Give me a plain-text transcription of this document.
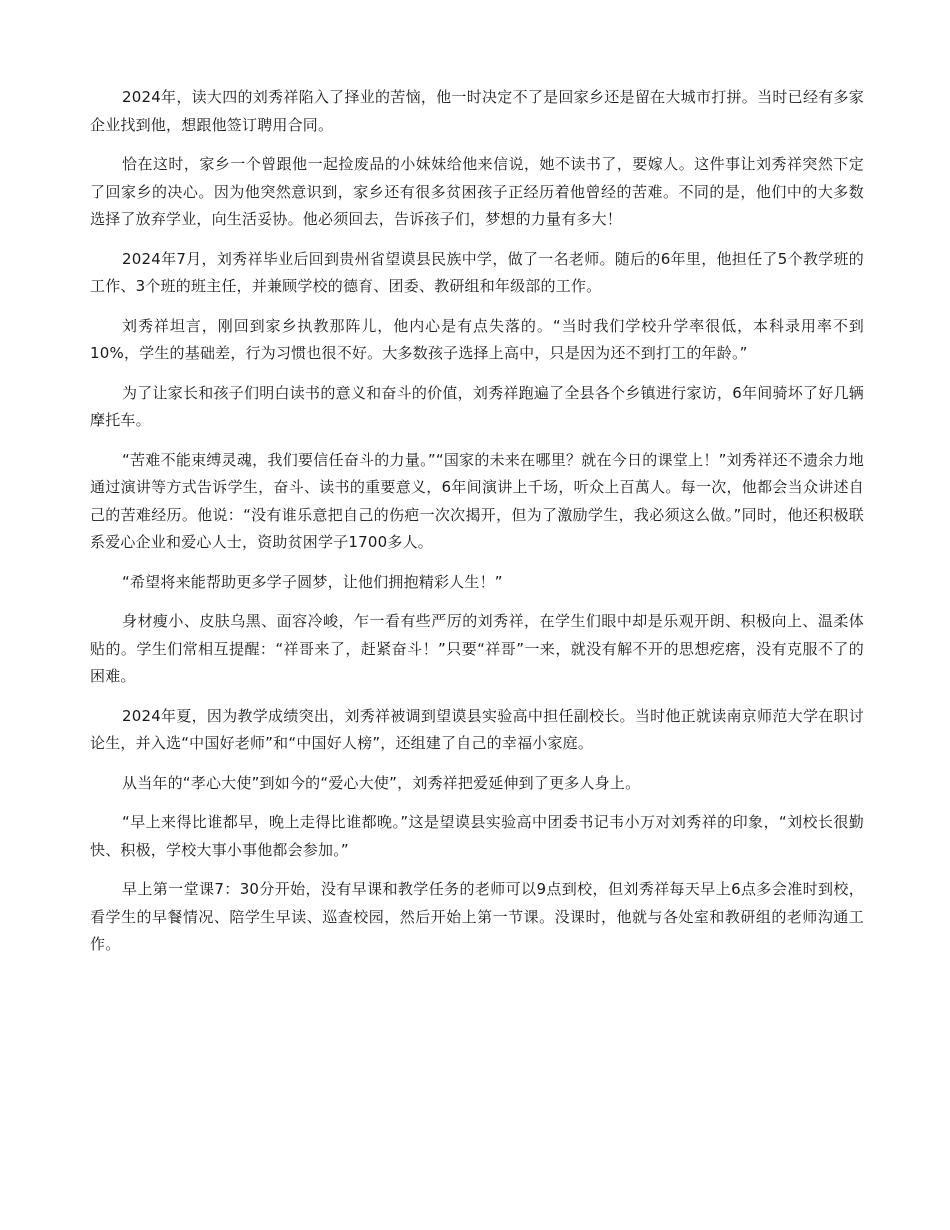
2024年，读大四的刘秀祥陷入了择业的苦恼，他一时决定不了是回家乡还是留在大城市打拼。当时已经有多家企业找到他，想跟他签订聘用合同。

恰在这时，家乡一个曾跟他一起捡废品的小妹妹给他来信说，她不读书了，要嫁人。这件事让刘秀祥突然下定了回家乡的决心。因为他突然意识到，家乡还有很多贫困孩子正经历着他曾经的苦难。不同的是，他们中的大多数选择了放弃学业，向生活妥协。他必须回去，告诉孩子们，梦想的力量有多大！

2024年7月，刘秀祥毕业后回到贵州省望谟县民族中学，做了一名老师。随后的6年里，他担任了5个教学班的工作、3个班的班主任，并兼顾学校的德育、团委、教研组和年级部的工作。

刘秀祥坦言，刚回到家乡执教那阵儿，他内心是有点失落的。“当时我们学校升学率很低，本科录用率不到10%，学生的基础差，行为习惯也很不好。大多数孩子选择上高中，只是因为还不到打工的年龄。”

为了让家长和孩子们明白读书的意义和奋斗的价值，刘秀祥跑遍了全县各个乡镇进行家访，6年间骑坏了好几辆摩托车。

“苦难不能束缚灵魂，我们要信任奋斗的力量。”“国家的未来在哪里？就在今日的课堂上！”刘秀祥还不遗余力地通过演讲等方式告诉学生，奋斗、读书的重要意义，6年间演讲上千场，听众上百萬人。每一次，他都会当众讲述自己的苦难经历。他说：“没有谁乐意把自己的伤疤一次次揭开，但为了激励学生，我必须这么做。”同时，他还积极联系爱心企业和爱心人士，资助贫困学子1700多人。

“希望将来能帮助更多学子圆梦，让他们拥抱精彩人生！”

身材瘦小、皮肤乌黑、面容冷峻，乍一看有些严厉的刘秀祥，在学生们眼中却是乐观开朗、积极向上、温柔体贴的。学生们常相互提醒：“祥哥来了，赶紧奋斗！”只要“祥哥”一来，就没有解不开的思想疙瘩，没有克服不了的困难。

2024年夏，因为教学成绩突出，刘秀祥被调到望谟县实验高中担任副校长。当时他正就读南京师范大学在职讨论生，并入选“中国好老师”和“中国好人榜”，还组建了自己的幸福小家庭。

从当年的“孝心大使”到如今的“爱心大使”，刘秀祥把爱延伸到了更多人身上。

“早上来得比谁都早，晚上走得比谁都晚。”这是望谟县实验高中团委书记韦小万对刘秀祥的印象，“刘校长很勤快、积极，学校大事小事他都会参加。”

早上第一堂课7：30分开始，没有早课和教学任务的老师可以9点到校，但刘秀祥每天早上6点多会准时到校，看学生的早餐情况、陪学生早读、巡查校园，然后开始上第一节课。没课时，他就与各处室和教研组的老师沟通工作。
